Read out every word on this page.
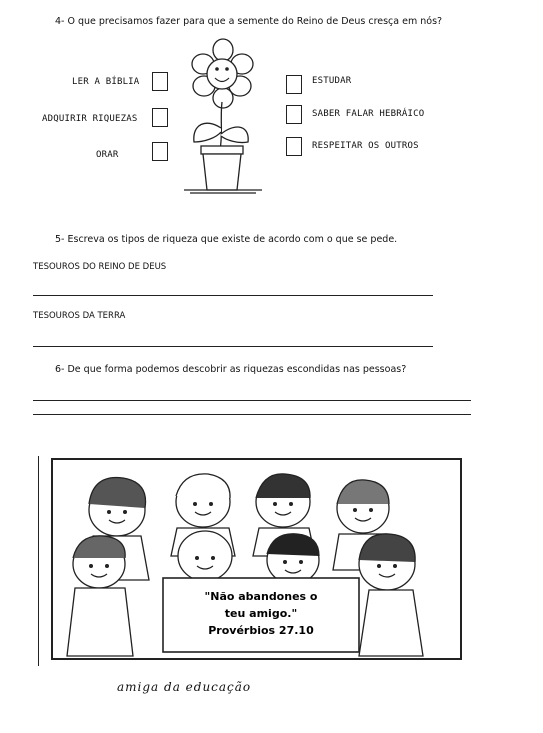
4- O que precisamos fazer para que a semente do Reino de Deus cresça em nós?
LER A BÍBLIA
ADQUIRIR RIQUEZAS
ORAR
ESTUDAR
SABER FALAR HEBRÁICO
RESPEITAR OS OUTROS
5- Escreva os tipos de riqueza que existe de acordo com o que se pede.
TESOUROS DO REINO DE DEUS
TESOUROS DA TERRA
6- De que forma podemos descobrir as riquezas escondidas nas pessoas?
"Não abandones o
teu amigo."
Provérbios 27.10
amiga da educação
